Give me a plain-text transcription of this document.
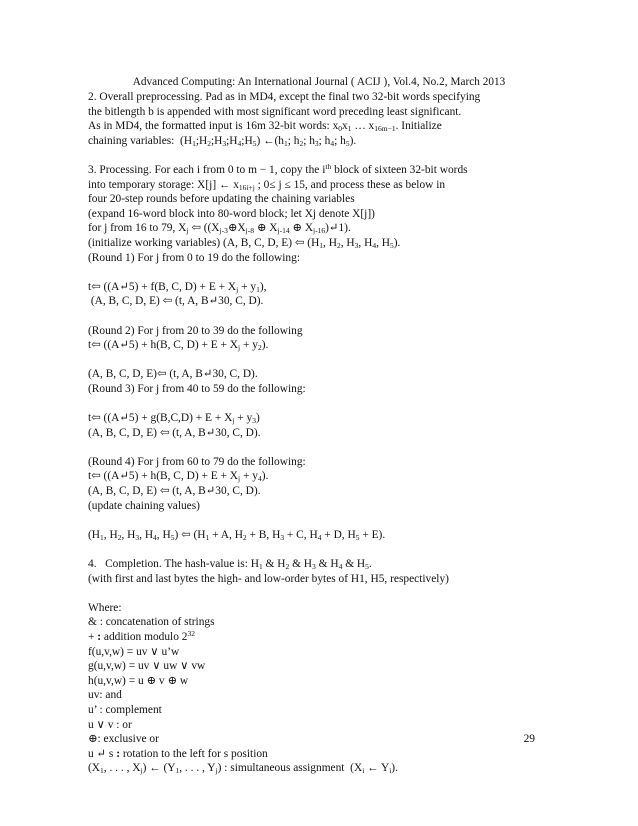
Advanced Computing: An International Journal ( ACIJ ), Vol.4, No.2, March 2013
2. Overall preprocessing. Pad as in MD4, except the final two 32-bit words specifying
the bitlength b is appended with most significant word preceding least significant.
As in MD4, the formatted input is 16m 32-bit words: $x_0x_1$ … $x_{16m-1}$. Initialize
chaining variables:  $(H_1;H_2;H_3;H_4;H_5)$ $\leftarrow(h_1$; $h_2$; $h_3$; $h_4$; $h_5$).
3. Processing. For each i from 0 to m − 1, copy the $i^{th}$ block of sixteen 32-bit words
into temporary storage: X[j] ← $x_{16i+j}$ ; 0≤ j ≤ 15, and process these as below in
four 20-step rounds before updating the chaining variables
(expand 16-word block into 80-word block; let Xj denote X[j])
for j from 16 to 79, $X_j$ ⇦ (($X_{j-3}\oplus X_{j-8}$ ⊕ $X_{j-14}$ ⊕ $X_{j-16})↵1$).
(initialize working variables) (A, B, C, D, E) ⇦ ($H_1$, $H_2$, $H_3$, $H_4$, $H_5$).
(Round 1) For j from 0 to 19 do the following:
t⇦ ((A↵5) + f(B, C, $D) + E + X_j + y_1$),
(A, B, C, D, E) ⇦ (t, A, B↵30, C, D).
(Round 2) For j from 20 to 39 do the following
t⇦ ((A↵5) + h(B, C, $D) + E + X_j + y_2$).
(A, B, C, D, E)⇦ (t, A, B↵30, C, D).
(Round 3) For j from 40 to 59 do the following:
t⇦ ((A↵5) + $g(B,C,D) + E + X_j + y_3$)
(A, B, C, D, E) ⇦ (t, A, B↵30, C, D).
(Round 4) For j from 60 to 79 do the following:
t⇦ ((A↵5) + h(B, C, $D) + E + X_j + y_4$).
(A, B, C, D, E) ⇦ (t, A, B↵30, C, D).
(update chaining values)
($H_1$, $H_2$, $H_3$, $H_4$, $H_5$) ⇦ ($H_1 + A$, $H_2 + B$, $H_3 + C$, $H_4 + D$, $H_5 + E$).
4.   Completion. The hash-value is: $H_1$ & $H_2$ & $H_3$ & $H_4$ & $H_5$.
(with first and last bytes the high- and low-order bytes of H1, H5, respectively)
Where:
& : concatenation of strings
+ : addition modulo $2^{32}$
f(u,v,w) = uv ∨ u’w
g(u,v,w) = uv ∨ uw ∨ vw
h(u,v,w) = u ⊕ v ⊕ w
uv: and
u’ : complement
u ∨ v : or
⊕: exclusive or
u ↵ s : rotation to the left for s position
($X_1$, . . . , $X_j$) ← ($Y_1$, . . . , $Y_j$) : simultaneous assignment  ($X_i$ ← $Y_i$).
29
